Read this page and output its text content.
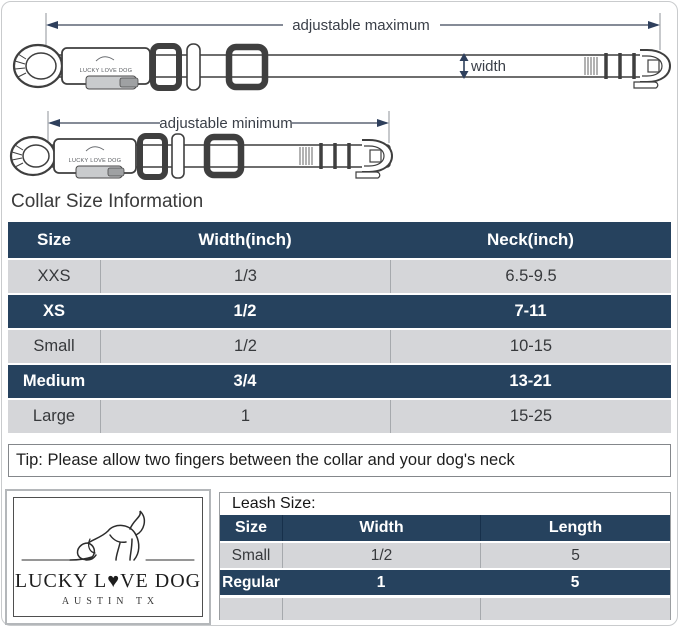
adjustable maximum
LUCKY LOVE DOG	width
adjustable minimum
LUCKY LOVE DOG
Collar Size Information
Size	Width(inch)	Neck(inch)
XXS	1/3	6.5-9.5
XS	1/2	7-11
Small	1/2	10-15
Medium	3/4	13-21
Large	1	15-25
Tip: Please allow two fingers between the collar and your dog's neck
LUCKY L♥VE DOG
AUSTIN TX
Leash Size:
Size	Width	Length
Small	1/2	5
Regular	1	5
